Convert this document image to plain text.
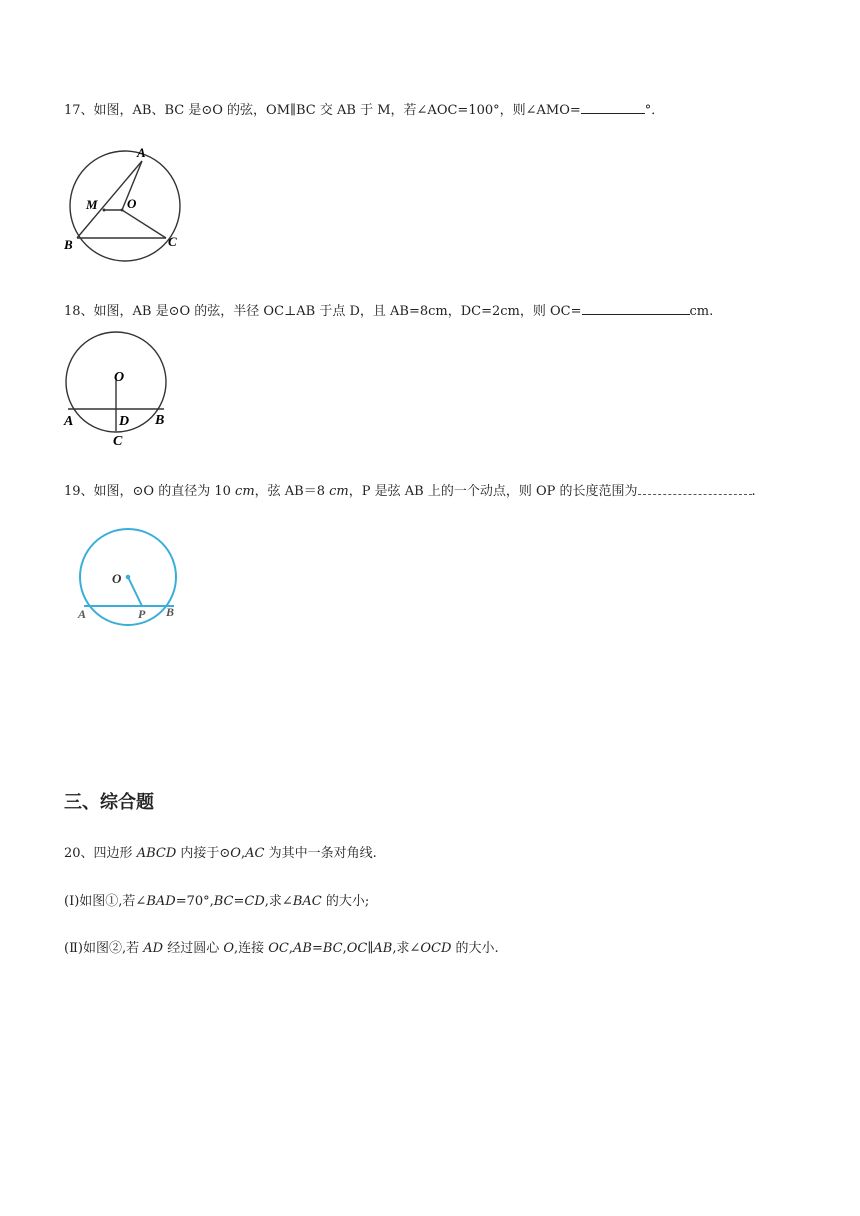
17、如图，AB、BC 是⊙O 的弦，OM∥BC 交 AB 于 M，若∠AOC=100°，则∠AMO=	°．
A
M O
B	C
18、如图，AB 是⊙O 的弦，半径 OC⊥AB 于点 D，且 AB=8cm，DC=2cm，则 OC=	cm.
O
A	D B
C
19、如图，⊙O 的直径为 10 cm，弦 AB＝8 cm，P 是弦 AB 上的一个动点，则 OP 的长度范围为	.
O
A	P B
三、综合题
20、四边形 ABCD 内接于⊙O,AC 为其中一条对角线.
(Ⅰ)如图①,若∠BAD=70°,BC=CD,求∠BAC 的大小;
(Ⅱ)如图②,若 AD 经过圆心 O,连接 OC,AB=BC,OC∥AB,求∠OCD 的大小.
